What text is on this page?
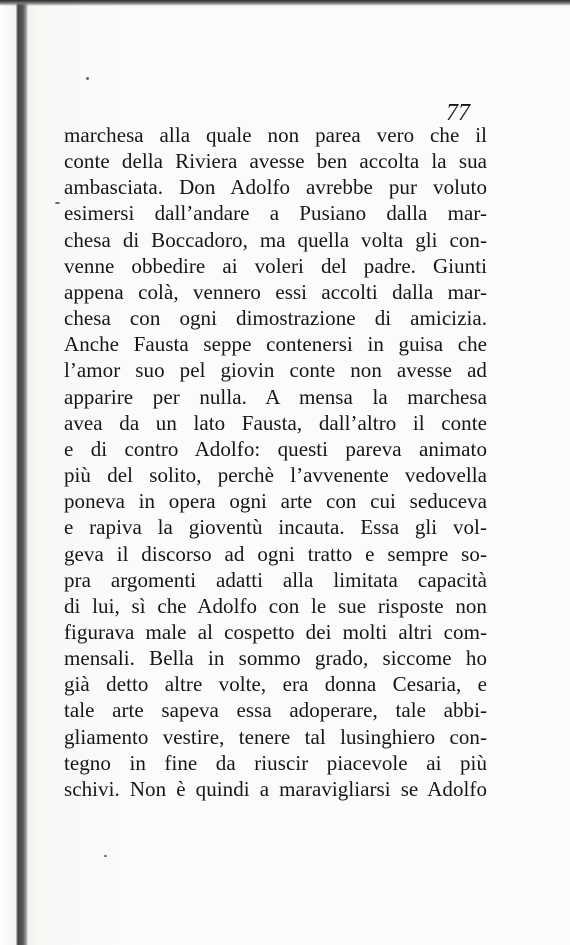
77
marchesa alla quale non parea vero che il
conte della Riviera avesse ben accolta la sua
ambasciata. Don Adolfo avrebbe pur voluto
esimersi dall’andare a Pusiano dalla mar-
chesa di Boccadoro, ma quella volta gli con-
venne obbedire ai voleri del padre. Giunti
appena colà, vennero essi accolti dalla mar-
chesa con ogni dimostrazione di amicizia.
Anche Fausta seppe contenersi in guisa che
l’amor suo pel giovin conte non avesse ad
apparire per nulla. A mensa la marchesa
avea da un lato Fausta, dall’altro il conte
e di contro Adolfo: questi pareva animato
più del solito, perchè l’avvenente vedovella
poneva in opera ogni arte con cui seduceva
e rapiva la gioventù incauta. Essa gli vol-
geva il discorso ad ogni tratto e sempre so-
pra argomenti adatti alla limitata capacità
di lui, sì che Adolfo con le sue risposte non
figurava male al cospetto dei molti altri com-
mensali. Bella in sommo grado, siccome ho
già detto altre volte, era donna Cesaria, e
tale arte sapeva essa adoperare, tale abbi-
gliamento vestire, tenere tal lusinghiero con-
tegno in fine da riuscir piacevole ai più
schivi. Non è quindi a maravigliarsi se Adolfo
